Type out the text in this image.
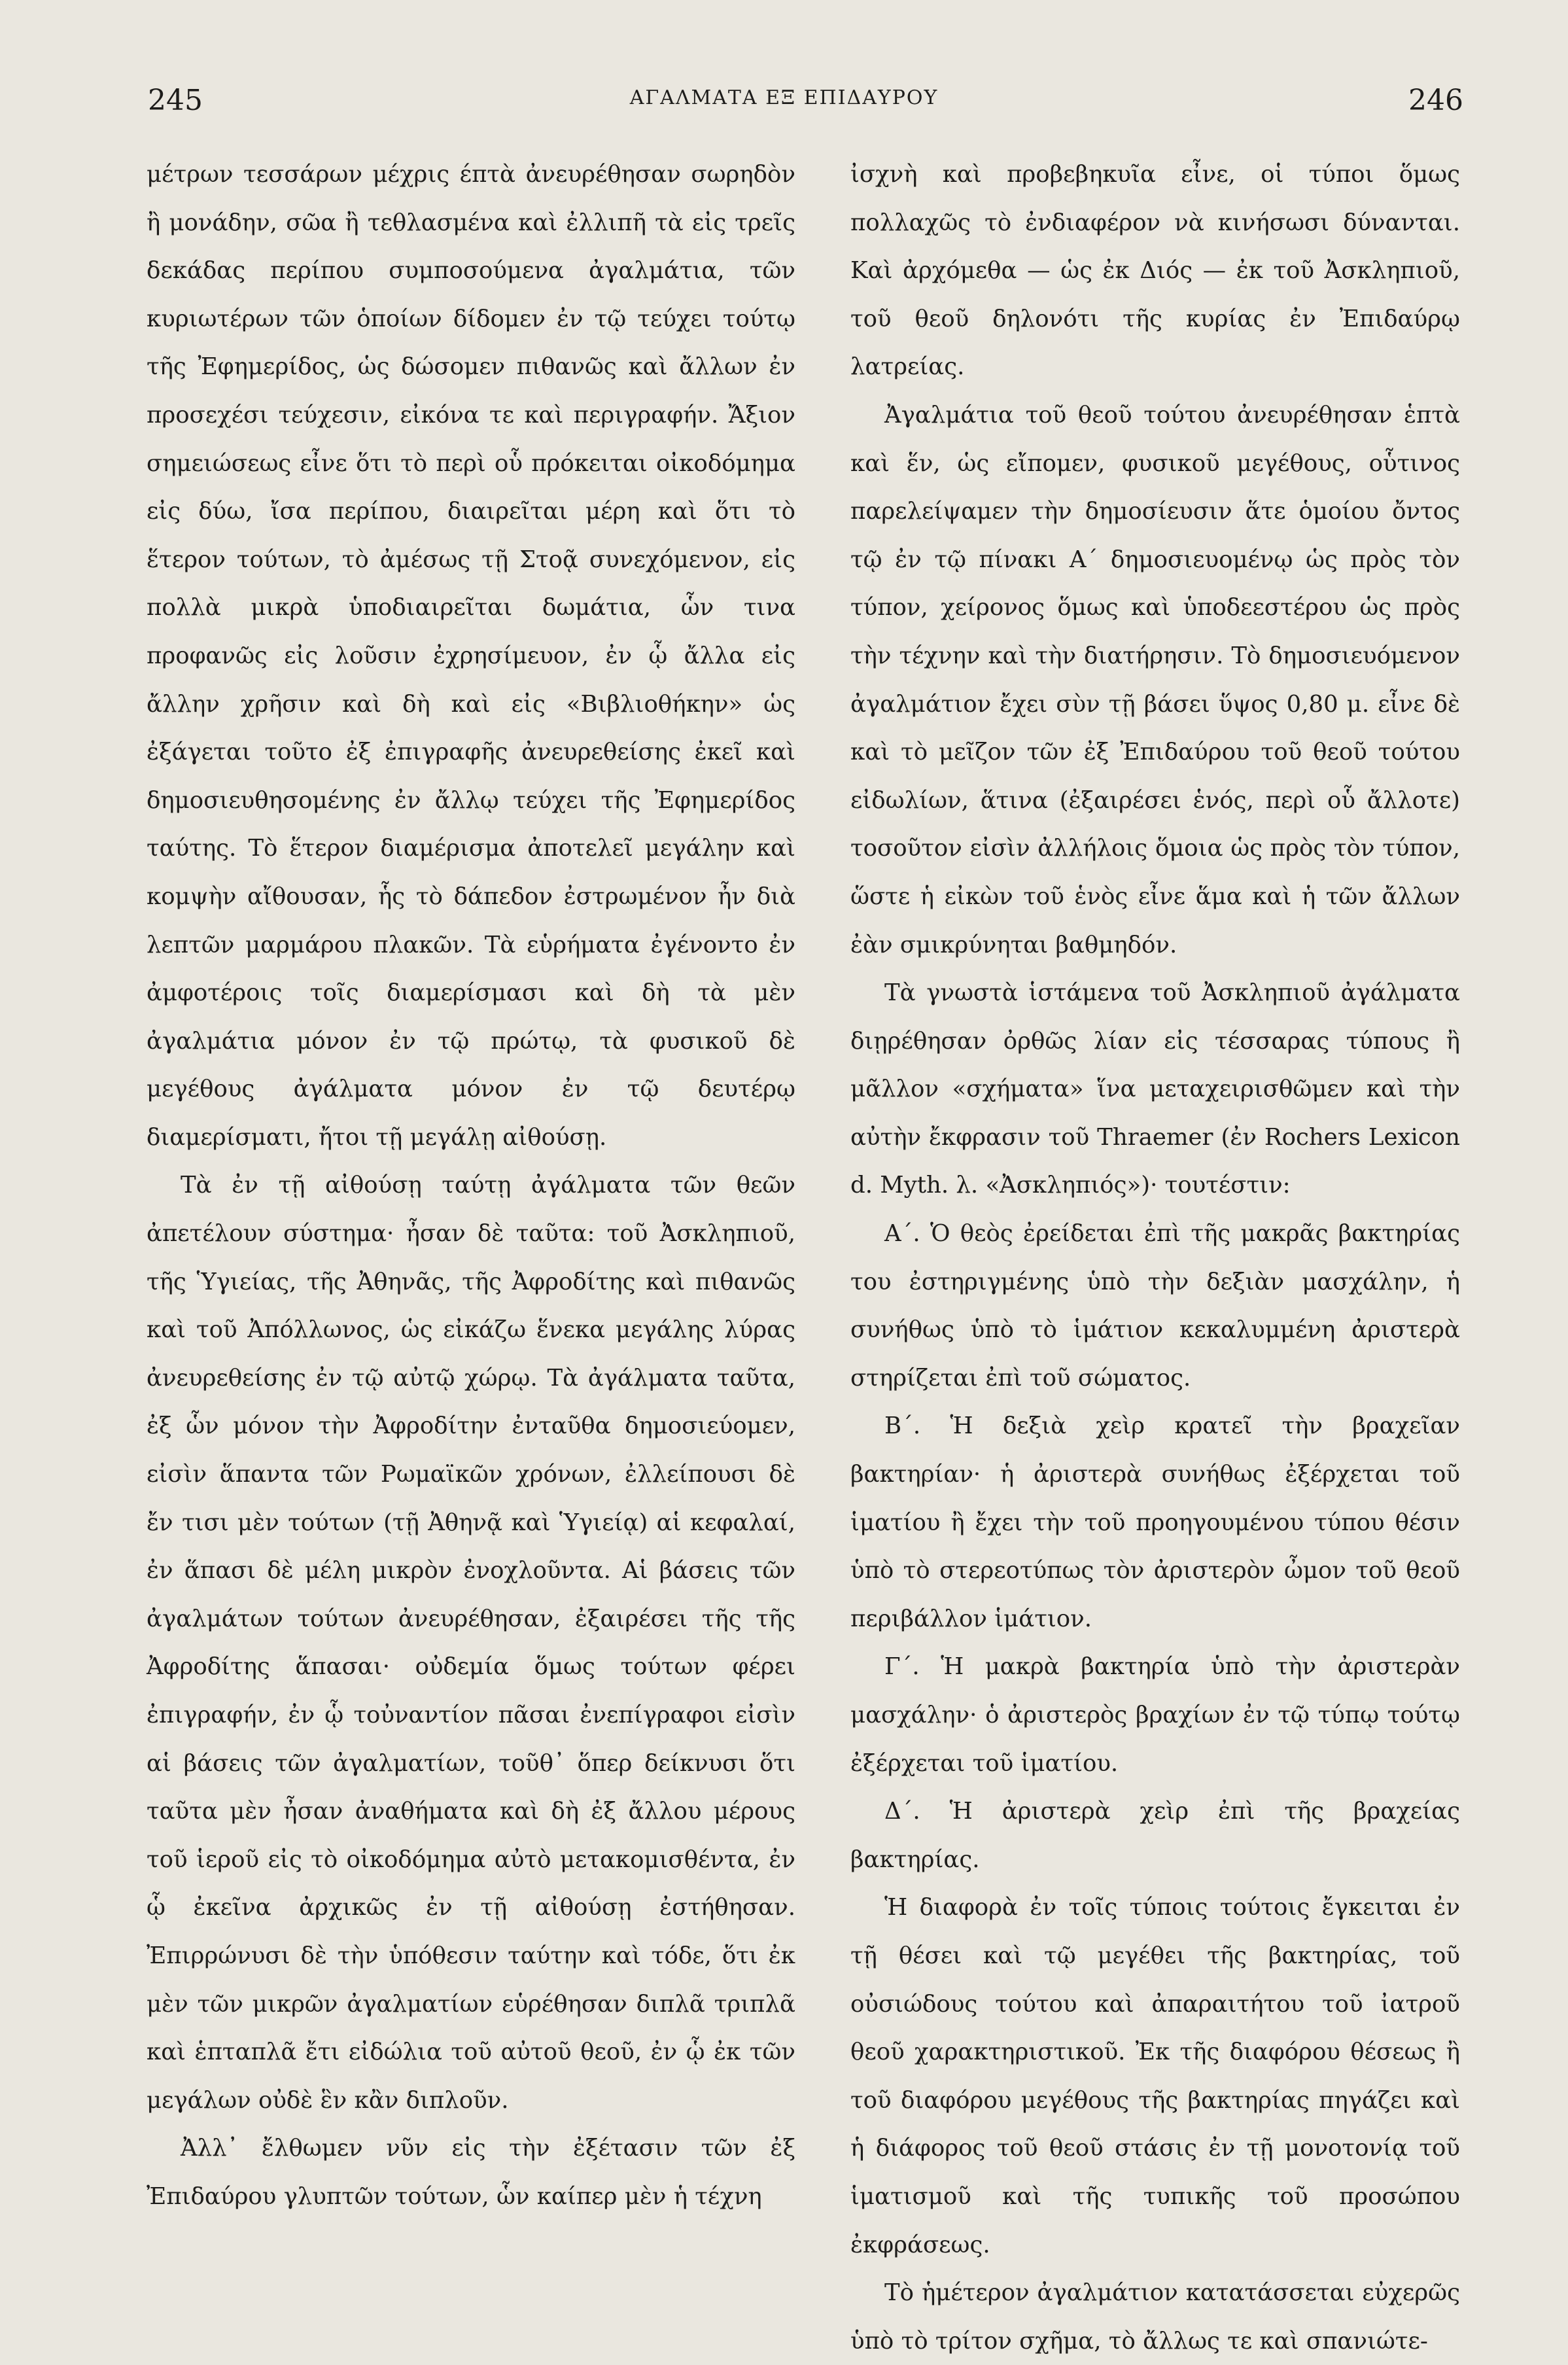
245	ΑΓΑΛΜΑΤΑ ΕΞ ΕΠΙΔΑΥΡΟΥ	246

μέτρων τεσσάρων μέχρις έπτὰ ἀνευρέθησαν σωρηδὸν ἢ μονάδην, σῶα ἢ τεθλασμένα καὶ ἐλλιπῆ τὰ εἰς τρεῖς δεκάδας περίπου συμποσούμενα ἀγαλμάτια, τῶν κυριωτέρων τῶν ὁποίων δίδομεν ἐν τῷ τεύχει τούτῳ τῆς Ἐφημερίδος, ὡς δώσομεν πιθανῶς καὶ ἄλλων ἐν προσεχέσι τεύχεσιν, εἰκόνα τε καὶ περιγραφήν. Ἄξιον σημειώσεως εἶνε ὅτι τὸ περὶ οὗ πρόκειται οἰκοδόμημα εἰς δύω, ἴσα περίπου, διαιρεῖται μέρη καὶ ὅτι τὸ ἕτερον τούτων, τὸ ἀμέσως τῇ Στοᾷ συνεχόμενον, εἰς πολλὰ μικρὰ ὑποδιαιρεῖται δωμάτια, ὧν τινα προφανῶς εἰς λοῦσιν ἐχρησίμευον, ἐν ᾧ ἄλλα εἰς ἄλλην χρῆσιν καὶ δὴ καὶ εἰς «Βιβλιοθήκην» ὡς ἐξάγεται τοῦτο ἐξ ἐπιγραφῆς ἀνευρεθείσης ἐκεῖ καὶ δημοσιευθησομένης ἐν ἄλλῳ τεύχει τῆς Ἐφημερίδος ταύτης. Τὸ ἕτερον διαμέρισμα ἀποτελεῖ μεγάλην καὶ κομψὴν αἴθουσαν, ἧς τὸ δάπεδον ἐστρωμένον ἦν διὰ λεπτῶν μαρμάρου πλακῶν. Τὰ εὑρήματα ἐγένοντο ἐν ἀμφοτέροις τοῖς διαμερίσμασι καὶ δὴ τὰ μὲν ἀγαλμάτια μόνον ἐν τῷ πρώτῳ, τὰ φυσικοῦ δὲ μεγέθους ἀγάλματα μόνον ἐν τῷ δευτέρῳ διαμερίσματι, ἤτοι τῇ μεγάλῃ αἰθούσῃ.

Τὰ ἐν τῇ αἰθούσῃ ταύτῃ ἀγάλματα τῶν θεῶν ἀπετέλουν σύστημα· ἦσαν δὲ ταῦτα: τοῦ Ἀσκληπιοῦ, τῆς Ὑγιείας, τῆς Ἀθηνᾶς, τῆς Ἀφροδίτης καὶ πιθανῶς καὶ τοῦ Ἀπόλλωνος, ὡς εἰκάζω ἕνεκα μεγάλης λύρας ἀνευρεθείσης ἐν τῷ αὐτῷ χώρῳ. Τὰ ἀγάλματα ταῦτα, ἐξ ὧν μόνον τὴν Ἀφροδίτην ἐνταῦθα δημοσιεύομεν, εἰσὶν ἅπαντα τῶν Ρωμαϊκῶν χρόνων, ἐλλείπουσι δὲ ἔν τισι μὲν τούτων (τῇ Ἀθηνᾷ καὶ Ὑγιείᾳ) αἱ κεφαλαί, ἐν ἅπασι δὲ μέλη μικρὸν ἐνοχλοῦντα. Αἱ βάσεις τῶν ἀγαλμάτων τούτων ἀνευρέθησαν, ἐξαιρέσει τῆς τῆς Ἀφροδίτης ἅπασαι· οὐδεμία ὅμως τούτων φέρει ἐπιγραφήν, ἐν ᾧ τοὐναντίον πᾶσαι ἐνεπίγραφοι εἰσὶν αἱ βάσεις τῶν ἀγαλματίων, τοῦθ᾽ ὅπερ δείκνυσι ὅτι ταῦτα μὲν ἦσαν ἀναθήματα καὶ δὴ ἐξ ἄλλου μέρους τοῦ ἱεροῦ εἰς τὸ οἰκοδόμημα αὐτὸ μετακομισθέντα, ἐν ᾧ ἐκεῖνα ἀρχικῶς ἐν τῇ αἰθούσῃ ἐστήθησαν. Ἐπιρρώνυσι δὲ τὴν ὑπόθεσιν ταύτην καὶ τόδε, ὅτι ἐκ μὲν τῶν μικρῶν ἀγαλματίων εὑρέθησαν διπλᾶ τριπλᾶ καὶ ἑπταπλᾶ ἔτι εἰδώλια τοῦ αὐτοῦ θεοῦ, ἐν ᾧ ἐκ τῶν μεγάλων οὐδὲ ἓν κἂν διπλοῦν.

Ἀλλ᾽ ἔλθωμεν νῦν εἰς τὴν ἐξέτασιν τῶν ἐξ Ἐπιδαύρου γλυπτῶν τούτων, ὧν καίπερ μὲν ἡ τέχνη

ἰσχνὴ καὶ προβεβηκυῖα εἶνε, οἱ τύποι ὅμως πολλαχῶς τὸ ἐνδιαφέρον νὰ κινήσωσι δύνανται. Καὶ ἀρχόμεθα — ὡς ἐκ Διός — ἐκ τοῦ Ἀσκληπιοῦ, τοῦ θεοῦ δηλονότι τῆς κυρίας ἐν Ἐπιδαύρῳ λατρείας.

Ἀγαλμάτια τοῦ θεοῦ τούτου ἀνευρέθησαν ἑπτὰ καὶ ἕν, ὡς εἴπομεν, φυσικοῦ μεγέθους, οὗτινος παρελείψαμεν τὴν δημοσίευσιν ἅτε ὁμοίου ὄντος τῷ ἐν τῷ πίνακι Α´ δημοσιευομένῳ ὡς πρὸς τὸν τύπον, χείρονος ὅμως καὶ ὑποδεεστέρου ὡς πρὸς τὴν τέχνην καὶ τὴν διατήρησιν. Τὸ δημοσιευόμενον ἀγαλμάτιον ἔχει σὺν τῇ βάσει ὕψος 0,80 μ. εἶνε δὲ καὶ τὸ μεῖζον τῶν ἐξ Ἐπιδαύρου τοῦ θεοῦ τούτου εἰδωλίων, ἅτινα (ἐξαιρέσει ἑνός, περὶ οὗ ἄλλοτε) τοσοῦτον εἰσὶν ἀλλήλοις ὅμοια ὡς πρὸς τὸν τύπον, ὥστε ἡ εἰκὼν τοῦ ἑνὸς εἶνε ἅμα καὶ ἡ τῶν ἄλλων ἐὰν σμικρύνηται βαθμηδόν.

Τὰ γνωστὰ ἱστάμενα τοῦ Ἀσκληπιοῦ ἀγάλματα διῃρέθησαν ὀρθῶς λίαν εἰς τέσσαρας τύπους ἢ μᾶλλον «σχήματα» ἵνα μεταχειρισθῶμεν καὶ τὴν αὐτὴν ἔκφρασιν τοῦ Thraemer (ἐν Rochers Lexicon d. Myth. λ. «Ἀσκληπιός»)· τουτέστιν:

Α´. Ὁ θεὸς ἐρείδεται ἐπὶ τῆς μακρᾶς βακτηρίας του ἐστηριγμένης ὑπὸ τὴν δεξιὰν μασχάλην, ἡ συνήθως ὑπὸ τὸ ἱμάτιον κεκαλυμμένη ἀριστερὰ στηρίζεται ἐπὶ τοῦ σώματος.

Β´. Ἡ δεξιὰ χεὶρ κρατεῖ τὴν βραχεῖαν βακτηρίαν· ἡ ἀριστερὰ συνήθως ἐξέρχεται τοῦ ἱματίου ἢ ἔχει τὴν τοῦ προηγουμένου τύπου θέσιν ὑπὸ τὸ στερεοτύπως τὸν ἀριστερὸν ὦμον τοῦ θεοῦ περιβάλλον ἱμάτιον.

Γ´. Ἡ μακρὰ βακτηρία ὑπὸ τὴν ἀριστερὰν μασχάλην· ὁ ἀριστερὸς βραχίων ἐν τῷ τύπῳ τούτῳ ἐξέρχεται τοῦ ἱματίου.

Δ´. Ἡ ἀριστερὰ χεὶρ ἐπὶ τῆς βραχείας βακτηρίας.

Ἡ διαφορὰ ἐν τοῖς τύποις τούτοις ἔγκειται ἐν τῇ θέσει καὶ τῷ μεγέθει τῆς βακτηρίας, τοῦ οὐσιώδους τούτου καὶ ἀπαραιτήτου τοῦ ἰατροῦ θεοῦ χαρακτηριστικοῦ. Ἐκ τῆς διαφόρου θέσεως ἢ τοῦ διαφόρου μεγέθους τῆς βακτηρίας πηγάζει καὶ ἡ διάφορος τοῦ θεοῦ στάσις ἐν τῇ μονοτονίᾳ τοῦ ἱματισμοῦ καὶ τῆς τυπικῆς τοῦ προσώπου ἐκφράσεως.

Τὸ ἡμέτερον ἀγαλμάτιον κατατάσσεται εὐχερῶς ὑπὸ τὸ τρίτον σχῆμα, τὸ ἄλλως τε καὶ σπανιώτε-
